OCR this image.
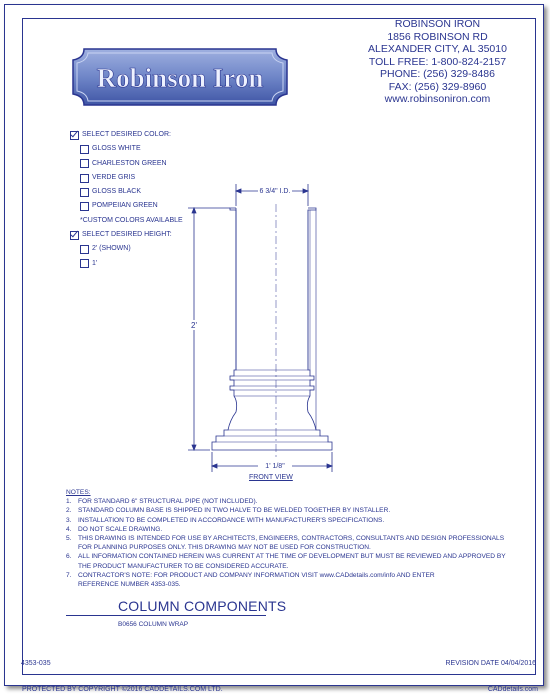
Robinson Iron
ROBINSON IRON
1856 ROBINSON RD
ALEXANDER CITY, AL 35010
TOLL FREE: 1-800-824-2157
PHONE: (256) 329-8486
FAX: (256) 329-8960
www.robinsoniron.com
SELECT DESIRED COLOR:
GLOSS WHITE
CHARLESTON GREEN
VERDE GRIS
GLOSS BLACK
POMPEIIAN GREEN
*CUSTOM COLORS AVAILABLE
SELECT DESIRED HEIGHT:
2' (SHOWN)
1'
6 3/4" I.D.
2'
1' 1/8"
FRONT VIEW
NOTES:
1. FOR STANDARD 6" STRUCTURAL PIPE (NOT INCLUDED).
2. STANDARD COLUMN BASE IS SHIPPED IN TWO HALVE TO BE WELDED TOGETHER BY INSTALLER.
3. INSTALLATION TO BE COMPLETED IN ACCORDANCE WITH MANUFACTURER'S SPECIFICATIONS.
4. DO NOT SCALE DRAWING.
5. THIS DRAWING IS INTENDED FOR USE BY ARCHITECTS, ENGINEERS, CONTRACTORS, CONSULTANTS AND DESIGN PROFESSIONALS
FOR PLANNING PURPOSES ONLY. THIS DRAWING MAY NOT BE USED FOR CONSTRUCTION.
6. ALL INFORMATION CONTAINED HEREIN WAS CURRENT AT THE TIME OF DEVELOPMENT BUT MUST BE REVIEWED AND APPROVED BY
THE PRODUCT MANUFACTURER TO BE CONSIDERED ACCURATE.
7. CONTRACTOR'S NOTE: FOR PRODUCT AND COMPANY INFORMATION VISIT www.CADdetails.com/info AND ENTER
REFERENCE NUMBER 4353-035.
COLUMN COMPONENTS
B0656 COLUMN WRAP
4353-035	REVISION DATE 04/04/2016
PROTECTED BY COPYRIGHT ©2016 CADDETAILS.COM LTD.	CADdetails.com
